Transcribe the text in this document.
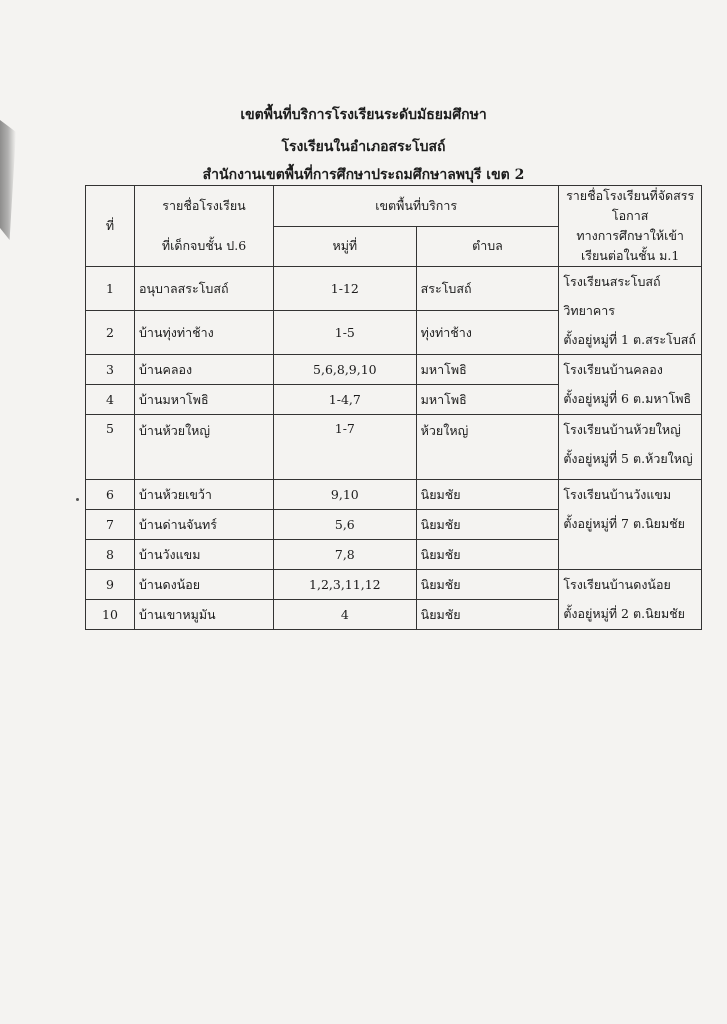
เขตพื้นที่บริการโรงเรียนระดับมัธยมศึกษา
โรงเรียนในอำเภอสระโบสถ์
สำนักงานเขตพื้นที่การศึกษาประถมศึกษาลพบุรี เขต 2
ที่	รายชื่อโรงเรียน	เขตพื้นที่บริการ		รายชื่อโรงเรียนที่จัดสรรโอกาส
	ที่เด็กจบชั้น ป.6	หมู่ที่	ตำบล	ทางการศึกษาให้เข้าเรียนต่อในชั้น ม.1
1	อนุบาลสระโบสถ์	1-12	สระโบสถ์	โรงเรียนสระโบสถ์วิทยาคาร
ตั้งอยู่หมู่ที่ 1 ต.สระโบสถ์

2	บ้านทุ่งท่าช้าง	1-5	ทุ่งท่าช้าง	
3	บ้านคลอง	5,6,8,9,10	มหาโพธิ	โรงเรียนบ้านคลอง
ตั้งอยู่หมู่ที่ 6 ต.มหาโพธิ

4	บ้านมหาโพธิ	1-4,7	มหาโพธิ	
5	บ้านห้วยใหญ่	1-7	ห้วยใหญ่	โรงเรียนบ้านห้วยใหญ่
ตั้งอยู่หมู่ที่ 5 ต.ห้วยใหญ่

6	บ้านห้วยเขว้า	9,10	นิยมชัย	โรงเรียนบ้านวังแขม
ตั้งอยู่หมู่ที่ 7 ต.นิยมชัย

7	บ้านด่านจันทร์	5,6	นิยมชัย	
8	บ้านวังแขม	7,8	นิยมชัย	
9	บ้านดงน้อย	1,2,3,11,12	นิยมชัย	โรงเรียนบ้านดงน้อย
ตั้งอยู่หมู่ที่ 2 ต.นิยมชัย

10	บ้านเขาหมูมัน	4	นิยมชัย	
